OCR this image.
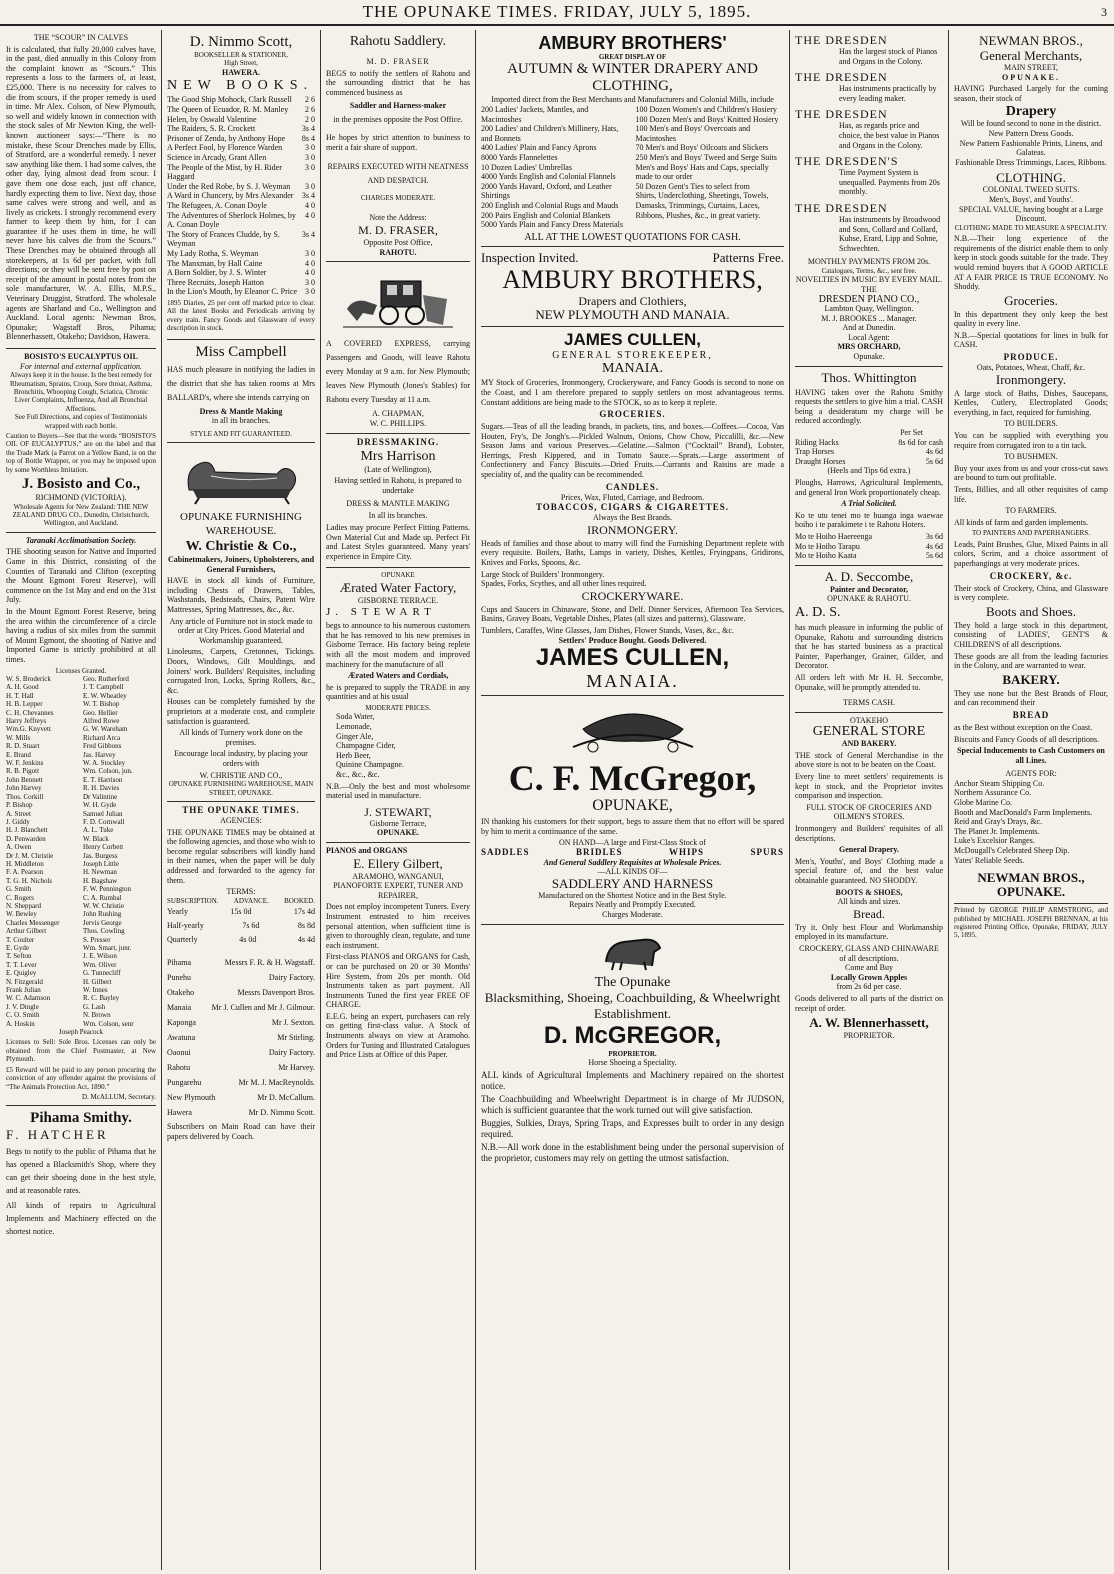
THE OPUNAKE TIMES. FRIDAY, JULY 5, 1895.	3
THE “SCOUR” IN CALVES

It is calculated, that fully 20,000 calves have, in the past, died annually in this Colony from the complaint known as “Scours.” This represents a loss to the farmers of, at least, £25,000. There is no necessity for calves to die from scours, if the proper remedy is used in time. Mr Alex. Colson, of New Plymouth, so well and widely known in connection with the stock sales of Mr Newton King, the well-known auctioneer says:—“There is no mistake, these Scour Drenches made by Ellis, of Stratford, are a wonderful remedy. I never saw anything like them. I had some calves, the other day, lying almost dead from scour. I gave them one dose each, just off chance, hardly expecting them to live. Next day, those same calves were strong and well, and as lively as crickets. I strongly recommend every farmer to keep them by him, for I can guarantee if he uses them in time, he will never have his calves die from the Scours.” These Drenches may be obtained through all storekeepers, at 1s 6d per packet, with full directions; or they will be sent free by post on receipt of the amount in postal notes from the sole manufacturer, W. A. Ellis, M.P.S., Veterinary Druggist, Stratford. The wholesale agents are Sharland and Co., Wellington and Auckland. Local agents: Newman Bros, Opunake; Wagstaff Bros, Pihama; Blennerhassett, Otakeho; Davidson, Hawera.

BOSISTO'S EUCALYPTUS OIL
For internal and external application.
Always keep it in the house. Is the best remedy for Rheumatism, Sprains, Croup, Sore throat, Asthma, Bronchitis, Whooping Cough, Sciatica, Chronic Liver Complaints, Influenza, And all Bronchial Affections.
See Full Directions, and copies of Testimonials wrapped with each bottle.

Caution to Buyers—See that the words “BOSISTO'S OIL OF EUCALYPTUS,” are on the label and that the Trade Mark (a Parrot on a Yellow Band, is on the top of Bottle Wrapper, or you may be imposed upon by some Worthless Imitation.

J. Bosisto and Co.,
RICHMOND (VICTORIA).
Wholesale Agents for New Zealand: THE NEW ZEALAND DRUG CO., Dunedin, Christchurch, Wellington, and Auckland.
Taranaki Acclimatisation Society.

THE shooting season for Native and Imported Game in this District, consisting of the Counties of Taranaki and Clifton (excepting the Mount Egmont Forest Reserve), will commence on the 1st May and end on the 31st July.

In the Mount Egmont Forest Reserve, being the area within the circumference of a circle having a radius of six miles from the summit of Mount Egmont, the shooting of Native and Imported Game is strictly prohibited at all times.

Licenses Granted.
W. S. Broderick	Geo. Rutherford
A. H. Good	J. T. Campbell
H. T. Hall	E. W. Wheatley
H. B. Lepper	W. T. Bishop
C. H. Chevannes	Geo. Hellier
Harry Jeffreys	Alfred Rowe
Wm.G. Knyvett	G. W. Wareham
W. Mills	Richard Arca
R. D. Stuart	Fred Gibbons
E. Brand	Jas. Harvey
W. F. Jenkins	W. A. Stockley
R. B. Pigott	Wm. Colson, jun.
John Bennett	E. T. Harrison
John Harvey	R. H. Davies
Thos. Corkill	Dr Valintine
P. Bishop	W. H. Gyde
A. Street	Samuel Julian
J. Giddy	F. D. Cornwall
H. J. Blanchett	A. L. Tuke
D. Penwarden	W. Black
A. Owen	Henry Corbett
Dr J. M. Christie	Jas. Burgess
H. Middleton	Joseph Little
F. A. Pearson	H. Newman
T. G. H. Nichols	H. Bagshaw
G. Smith	F. W. Pennington
C. Rogers	C. A. Rumbal
N. Sheppard	W. W. Christie
W. Bewley	John Rushing
Charles Messenger	Jervis George
Arthur Gilbert	Thos. Cowling
T. Coulter	S. Presser
E. Gyde	Wm. Smart, junr.
T. Sefton	J. E. Wilson
T. T. Lever	Wm. Oliver
E. Quigley	G. Tunnecliff
N. Fitzgerald	H. Gilbert
Frank Julian	W. Innes
W. C. Adamson	R. C. Bayley
J. V. Dingle	G. Lash
C. O. Smith	N. Brown
A. Hoskin	Wm. Colson, senr
Joseph Peacock

Licenses to Sell: Sole Bros. Licenses can only be obtained from the Chief Postmaster, at New Plymouth.

£5 Reward will be paid to any person procuring the conviction of any offender against the provisions of “The Animals Protection Act, 1890.”

D. McALLUM, Secretary.
Pihama Smithy.
F. HATCHER

Begs to notify to the public of Pihama that he has opened a Blacksmith's Shop, where they can get their shoeing done in the best style, and at reasonable rates.

All kinds of repairs to Agricultural Implements and Machinery effected on the shortest notice.

D. Nimmo Scott,
BOOKSELLER & STATIONER,
High Street,
HAWERA.
NEW BOOKS.
The Good Ship Mohock, Clark Russell	2 6
The Queen of Ecuador, R. M. Manley	2 6
Helen, by Oswald Valentine	2 0
The Raiders, S. R. Crockett	3s 4
Prisoner of Zenda, by Anthony Hope	8s 4
A Perfect Fool, by Florence Warden	3 0
Science in Arcady, Grant Allen	3 0
The People of the Mist, by H. Rider Haggard
3 0
Under the Red Robe, by S. J. Weyman	3 0
A Ward in Chancery, by Mrs Alexander	3s 4
The Refugees, A. Conan Doyle	4 0
The Adventures of Sherlock Holmes, by A. Conan Doyle
4 0
The Story of Frances Cludde, by S. Weyman
3s 4
My Lady Rotha, S. Weyman	3 0
The Manxman, by Hall Caine	4 0
A Born Soldier, by J. S. Winter	4 0
Three Recruits, Joseph Hatton	3 0
In the Lion's Mouth, by Eleanor C. Price 3 0

1895 Diaries, 25 per cent off marked price to clear. All the latest Books and Periodicals arriving by every train. Fancy Goods and Glassware of every description in stock.

Miss Campbell

HAS much pleasure in notifying the ladies in the district that she has taken rooms at Mrs BALLARD's, where she intends carrying on

Dress & Mantle Making
in all its branches.
STYLE AND FIT GUARANTEED.
OPUNAKE FURNISHING WAREHOUSE.
W. Christie & Co.,
Cabinetmakers, Joiners, Upholsterers, and General Furnishers,

HAVE in stock all kinds of Furniture, including Chests of Drawers, Tables, Washstands, Bedsteads, Chairs, Patent Wire Mattresses, Spring Mattresses, &c., &c.

Any article of Furniture not in stock made to order at City Prices. Good Material and Workmanship guaranteed.

Linoleums, Carpets, Cretonnes, Tickings. Doors, Windows, Gilt Mouldings, and Joiners' work. Builders' Requisites, including corrugated Iron, Locks, Spring Rollers, &c., &c.

Houses can be completely furnished by the proprietors at a moderate cost, and complete satisfaction is guaranteed.

All kinds of Turnery work done on the premises.

Encourage local industry, by placing your orders with

W. CHRISTIE AND CO.,
OPUNAKE FURNISHING WAREHOUSE, MAIN STREET, OPUNAKE.
THE OPUNAKE TIMES.
AGENCIES:

THE OPUNAKE TIMES may be obtained at the following agencies, and those who wish to become regular subscribers will kindly hand in their names, when the paper will be duly addressed and forwarded to the agency for them.

TERMS:
SUBSCRIPTION. ADVANCE. BOOKED.
Yearly	15s 0d	17s 4d
Half-yearly	7s 6d	8s 8d
Quarterly	4s 0d	4s 4d
Pihama	Messrs F. R. & H. Wagstaff.
Punehu	Dairy Factory.
Otakeho	Messrs Davenport Bros.
Manaia	Mr J. Cullen and Mr J. Gilmour.
Kaponga	Mr J. Sexton.
Awatuna	Mr Stirling.
Oaonui	Dairy Factory.
Rahotu	Mr Harvey.
Pungarehu	Mr M. J. MacReynolds.
New Plymouth	Mr D. McCallum.
Hawera	Mr D. Nimmo Scott.

Subscribers on Main Road can have their papers delivered by Coach.

Rahotu Saddlery.
M. D. FRASER

BEGS to notify the settlers of Rahotu and the surrounding district that he has commenced business as

Saddler and Harness-maker

in the premises opposite the Post Office.

He hopes by strict attention to business to merit a fair share of support.

REPAIRS EXECUTED WITH NEATNESS AND DESPATCH.

CHARGES MODERATE.
Note the Address:
M. D. FRASER,
Opposite Post Office,
RAHOTU.

A COVERED EXPRESS, carrying Passengers and Goods, will leave Rahotu every Monday at 9 a.m. for New Plymouth; leaves New Plymouth (Jones's Stables) for Rahotu every Tuesday at 11 a.m.

A. CHAPMAN,
W. C. PHILLIPS.
DRESSMAKING.
Mrs Harrison
(Late of Wellington),

Having settled in Rahotu, is prepared to undertake

DRESS & MANTLE MAKING
In all its branches.

Ladies may procure Perfect Fitting Patterns. Own Material Cut and Made up. Perfect Fit and Latest Styles guaranteed. Many years' experience in Empire City.

OPUNAKE
Ærated Water Factory,
GISBORNE TERRACE.
J. STEWART

begs to announce to his numerous customers that he has removed to his new premises in Gisborne Terrace. His factory being replete with all the most modern and improved machinery for the manufacture of all

Ærated Waters and Cordials,

he is prepared to supply the TRADE in any quantities and at his usual

MODERATE PRICES.
Soda Water,
Lemonade,
Ginger Ale,
Champagne Cider,
Herb Beer,
Quinine Champagne.
&c., &c., &c.

N.B.—Only the best and most wholesome material used in manufacture.

J. STEWART,
Gisborne Terrace,
OPUNAKE.
PIANOS and ORGANS
E. Ellery Gilbert,
ARAMOHO, WANGANUI,
PIANOFORTE EXPERT, TUNER AND REPAIRER,

Does not employ incompetent Tuners. Every Instrument entrusted to him receives personal attention, when sufficient time is given to thoroughly clean, regulate, and tune each instrument.

First-class PIANOS and ORGANS for Cash, or can be purchased on 20 or 30 Months' Hire System, from 20s per month. Old Instruments taken as part payment. All Instruments Tuned the first year FREE OF CHARGE.

E.E.G. being an expert, purchasers can rely on getting first-class value. A Stock of Instruments always on view at Aramoho. Orders for Tuning and Illustrated Catalogues and Price Lists at Office of this Paper.

AMBURY BROTHERS'
GREAT DISPLAY OF
AUTUMN & WINTER DRAPERY AND CLOTHING,
Imported direct from the Best Merchants and Manufacturers and Colonial Mills, include
200 Ladies' Jackets, Mantles, and Macintoshes
200 Ladies' and Children's Millinery, Hats, and Bonnets
400 Ladies' Plain and Fancy Aprons
8000 Yards Flannelettes
10 Dozen Ladies' Umbrellas
4000 Yards English and Colonial Flannels
2000 Yards Havard, Oxford, and Leather Shirtings
200 English and Colonial Rugs and Mauds
200 Pairs English and Colonial Blankets
5000 Yards Plain and Fancy Dress Materials
100 Dozen Women's and Children's Hosiery
100 Dozen Men's and Boys' Knitted Hosiery
100 Men's and Boys' Overcoats and Macintoshes
70 Men's and Boys' Oilcoats and Slickers
250 Men's and Boys' Tweed and Serge Suits
Men's and Boys' Hats and Caps, specially made to our order
50 Dozen Gent's Ties to select from
Shirts, Underclothing, Sheetings, Towels, Damasks, Trimmings, Curtains, Laces, Ribbons, Plushes, &c., in great variety.
ALL AT THE LOWEST QUOTATIONS FOR CASH.
Inspection Invited.	Patterns Free.
AMBURY BROTHERS,
Drapers and Clothiers,
NEW PLYMOUTH AND MANAIA.
JAMES CULLEN,
GENERAL STOREKEEPER,
MANAIA.

MY Stock of Groceries, Ironmongery, Crockeryware, and Fancy Goods is second to none on the Coast, and I am therefore prepared to supply settlers on most advantageous terms. Constant additions are being made to the STOCK, so as to keep it replete.

GROCERIES.

Sugars.—Teas of all the leading brands, in packets, tins, and boxes.—Coffees.—Cocoa, Van Houten, Fry's, De Jongh's.—Pickled Walnuts, Onions, Chow Chow, Piccalilli, &c.—New Season Jams and various Preserves.—Gelatine.—Salmon (“Cocktail” Brand), Lobster, Herrings, Fresh Kippered, and in Tomato Sauce.—Sprats.—Large assortment of Confectionery and Fancy Biscuits.—Dried Fruits.—Currants and Raisins are made a speciality of, and the quality can be recommended.

CANDLES.
Prices, Wax, Fluted, Carriage, and Bedroom.
TOBACCOS, CIGARS & CIGARETTES.
Always the Best Brands.
IRONMONGERY.

Heads of families and those about to marry will find the Furnishing Department replete with every requisite. Boilers, Baths, Lamps in variety, Dishes, Kettles, Fryingpans, Gridirons, Knives and Forks, Spoons, &c.

Large Stock of Builders' Ironmongery.
Spades, Forks, Scythes, and all other lines required.
CROCKERYWARE.

Cups and Saucers in Chinaware, Stone, and Delf. Dinner Services, Afternoon Tea Services, Basins, Gravey Boats, Vegetable Dishes, Plates (all sizes and patterns), Glassware.

Tumblers, Caraffes, Wine Glasses, Jam Dishes, Flower Stands, Vases, &c., &c.
Settlers' Produce Bought. Goods Delivered.
JAMES CULLEN,
MANAIA.
C. F. McGregor,
OPUNAKE,

IN thanking his customers for their support, begs to assure them that no effort will be spared by him to merit a continuance of the same.

ON HAND—A large and First-Class Stock of
SADDLES	BRIDLES	WHIPS	SPURS
And General Saddlery Requisites at Wholesale Prices.
—ALL KINDS OF—
SADDLERY AND HARNESS
Manufactured on the Shortest Notice and in the Best Style.
Repairs Neatly and Promptly Executed.
Charges Moderate.
The Opunake
Blacksmithing, Shoeing, Coachbuilding, & Wheelwright Establishment.
D. McGREGOR,
PROPRIETOR.
Horse Shoeing a Speciality.

ALL kinds of Agricultural Implements and Machinery repaired on the shortest notice.

The Coachbuilding and Wheelwright Department is in charge of Mr JUDSON, which is sufficient guarantee that the work turned out will give satisfaction.

Buggies, Sulkies, Drays, Spring Traps, and Expresses built to order in any design required.

N.B.—All work done in the establishment being under the personal supervision of the proprietor, customers may rely on getting the utmost satisfaction.

THE DRESDEN
Has the largest stock of Pianos and Organs in the Colony.
THE DRESDEN
Has instruments practically by every leading maker.
THE DRESDEN
Has, as regards price and choice, the best value in Pianos and Organs in the Colony.
THE DRESDEN'S
Time Payment System is unequalled. Payments from 20s monthly.
THE DRESDEN
Has instruments by Broadwood and Sons, Collard and Collard, Kuhse, Erard, Lipp and Sohne, Schwechten.
MONTHLY PAYMENTS FROM 20s.
Catalogues, Terms, &c., sent free.
NOVELTIES IN MUSIC BY EVERY MAIL.
THE
DRESDEN PIANO CO.,
Lambton Quay, Wellington.
M. J. BROOKES ... Manager.
And at Dunedin.
Local Agent:
MRS ORCHARD,
Opunake.
Thos. Whittington

HAVING taken over the Rahotu Smithy requests the settlers to give him a trial. CASH being a desideratum my charge will be reduced accordingly.

Per Set
Riding Hacks	8s 6d for cash
Trap Horses	4s 6d
Draught Horses	5s 6d
(Heels and Tips 6d extra.)

Ploughs, Harrows, Agricultural Implements, and general Iron Work proportionately cheap.

A Trial Solicited.

Ko te utu tenei mo te huanga inga waewae hoiho i te parakimete i te Rahotu Hoters.

Mo te Hoiho Haereenga	3s 6d
Mo te Hoiho Tarapu	4s 6d
Mo te Hoiho Kaata	5s 6d
A. D. Seccombe,
Painter and Decorator,
OPUNAKE & RAHOTU.
A. D. S.

has much pleasure in informing the public of Opunake, Rahotu and surrounding districts that he has started business as a practical Painter, Paperhanger, Grainer, Gilder, and Decorator.

All orders left with Mr H. H. Seccombe, Opunake, will be promptly attended to.

TERMS CASH.
OTAKEHO
GENERAL STORE
AND BAKERY.

THE stock of General Merchandise in the above store is not to be beaten on the Coast.

Every line to meet settlers' requirements is kept in stock, and the Proprietor invites comparison and inspection.

FULL STOCK OF GROCERIES AND OILMEN'S STORES.

Ironmongery and Builders' requisites of all descriptions.

General Drapery.

Men's, Youths', and Boys' Clothing made a special feature of, and the best value obtainable guaranteed. NO SHODDY.

BOOTS & SHOES,
All kinds and sizes.
Bread.

Try it. Only best Flour and Workmanship employed in its manufacture.

CROCKERY, GLASS AND CHINAWARE
of all descriptions.
Come and Buy
Locally Grown Apples
from 2s 6d per case.

Goods delivered to all parts of the district on receipt of order.

A. W. Blennerhassett,
PROPRIETOR.
NEWMAN BROS.,
General Merchants,
MAIN STREET,
OPUNAKE.

HAVING Purchased Largely for the coming season, their stock of

Drapery
Will be found second to none in the district.
New Pattern Dress Goods.
New Pattern Fashionable Prints, Linens, and Galateas.
Fashionable Dress Trimmings, Laces, Ribbons.
CLOTHING.
COLONIAL TWEED SUITS.
Men's, Boys', and Youths'.
SPECIAL VALUE, having bought at a Large Discount.
CLOTHING MADE TO MEASURE A SPECIALITY.

N.B.—Their long experience of the requirements of the district enable them to only keep in stock goods suitable for the trade. They would remind buyers that A GOOD ARTICLE AT A FAIR PRICE IS TRUE ECONOMY. No Shoddy.

Groceries.

In this department they only keep the best quality in every line.

N.B.—Special quotations for lines in bulk for CASH.

PRODUCE.
Oats, Potatoes, Wheat, Chaff, &c.
Ironmongery.

A large stock of Baths, Dishes, Saucepans, Kettles, Cutlery, Electroplated Goods; everything, in fact, required for furnishing.

TO BUILDERS.

You can be supplied with everything you require from corrugated iron to a tin tack.

TO BUSHMEN.

Buy your axes from us and your cross-cut saws are bound to turn out profitable.

Tents, Billies, and all other requisites of camp life.

TO FARMERS.

All kinds of farm and garden implements.

TO PAINTERS AND PAPERHANGERS.

Leads, Paint Brushes, Glue, Mixed Paints in all colors, Scrim, and a choice assortment of paperhangings at very moderate prices.

CROCKERY, &c.

Their stock of Crockery, China, and Glassware is very complete.

Boots and Shoes.

They hold a large stock in this department, consisting of LADIES', GENT'S & CHILDREN'S of all descriptions.

These goods are all from the leading factories in the Colony, and are warranted to wear.

BAKERY.

They use none but the Best Brands of Flour, and can recommend their

BREAD

as the Best without exception on the Coast.

Biscuits and Fancy Goods of all descriptions.

Special Inducements to Cash Customers on all Lines.
AGENTS FOR:
Anchor Steam Shipping Co.
Northern Assurance Co.
Globe Marine Co.
Booth and MacDonald's Farm Implements.
Reid and Gray's Drays, &c.
The Planet Jr. Implements.
Luke's Excelsior Ranges.
McDougall's Celebrated Sheep Dip.
Yates' Reliable Seeds.
NEWMAN BROS.,
OPUNAKE.

Printed by GEORGE PHILIP ARMSTRONG, and published by MICHAEL JOSEPH BRENNAN, at his registered Printing Office, Opunake, FRIDAY, JULY 5, 1895.
